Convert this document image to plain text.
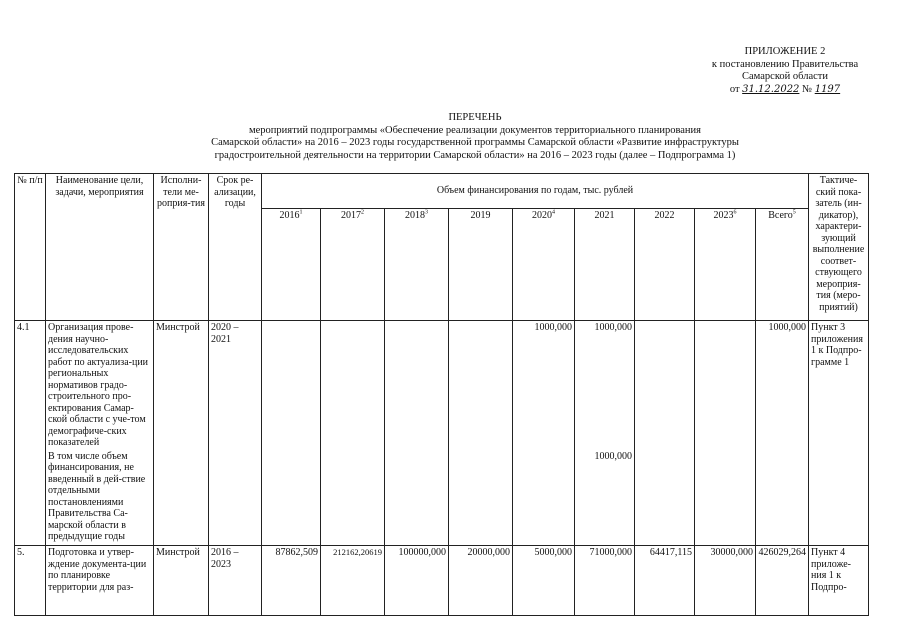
ПРИЛОЖЕНИЕ 2
к постановлению Правительства
Самарской области
от 31.12.2022 № 1197
ПЕРЕЧЕНЬ
мероприятий подпрограммы «Обеспечение реализации документов территориального планирования
Самарской области» на 2016 – 2023 годы государственной программы Самарской области «Развитие инфраструктуры
градостроительной деятельности на территории Самарской области» на 2016 – 2023 годы (далее – Подпрограмма 1)
№ п/п	Наименование цели, задачи, мероприятия	Исполни-тели ме-роприя-тия	Срок ре-ализации, годы	Объем финансирования по годам, тыс. рублей									Тактиче-ский пока-затель (ин-дикатор), характери-зующий выполнение соответ-ствующего мероприя-тия (меро-приятий)
				2016$^1$	2017$^2$	2018$^3$	2019	2020$^4$	2021	2022	2023$^6$	Всего$^5$
4.1	Организация прове-дения научно-исследовательских работ по актуализа-ции региональных нормативов градо-строительного про-ектирования Самар-ской области с уче-том демографиче-ских показателей	Минстрой	2020 – 2021					1000,000	1000,000			1000,000	Пункт 3 приложения 1 к Подпро-грамме 1
	В том числе объем финансирования, не введенный в дей-ствие отдельными постановлениями Правительства Са-марской области в предыдущие годы								1000,000				
5.	Подготовка и утвер-ждение документа-ции по планировке территории для раз-	Минстрой	2016 – 2023	87862,509	212162,20619	100000,000	20000,000	5000,000	71000,000	64417,115	30000,000	426029,264	Пункт 4 приложе-ния 1 к Подпро-
